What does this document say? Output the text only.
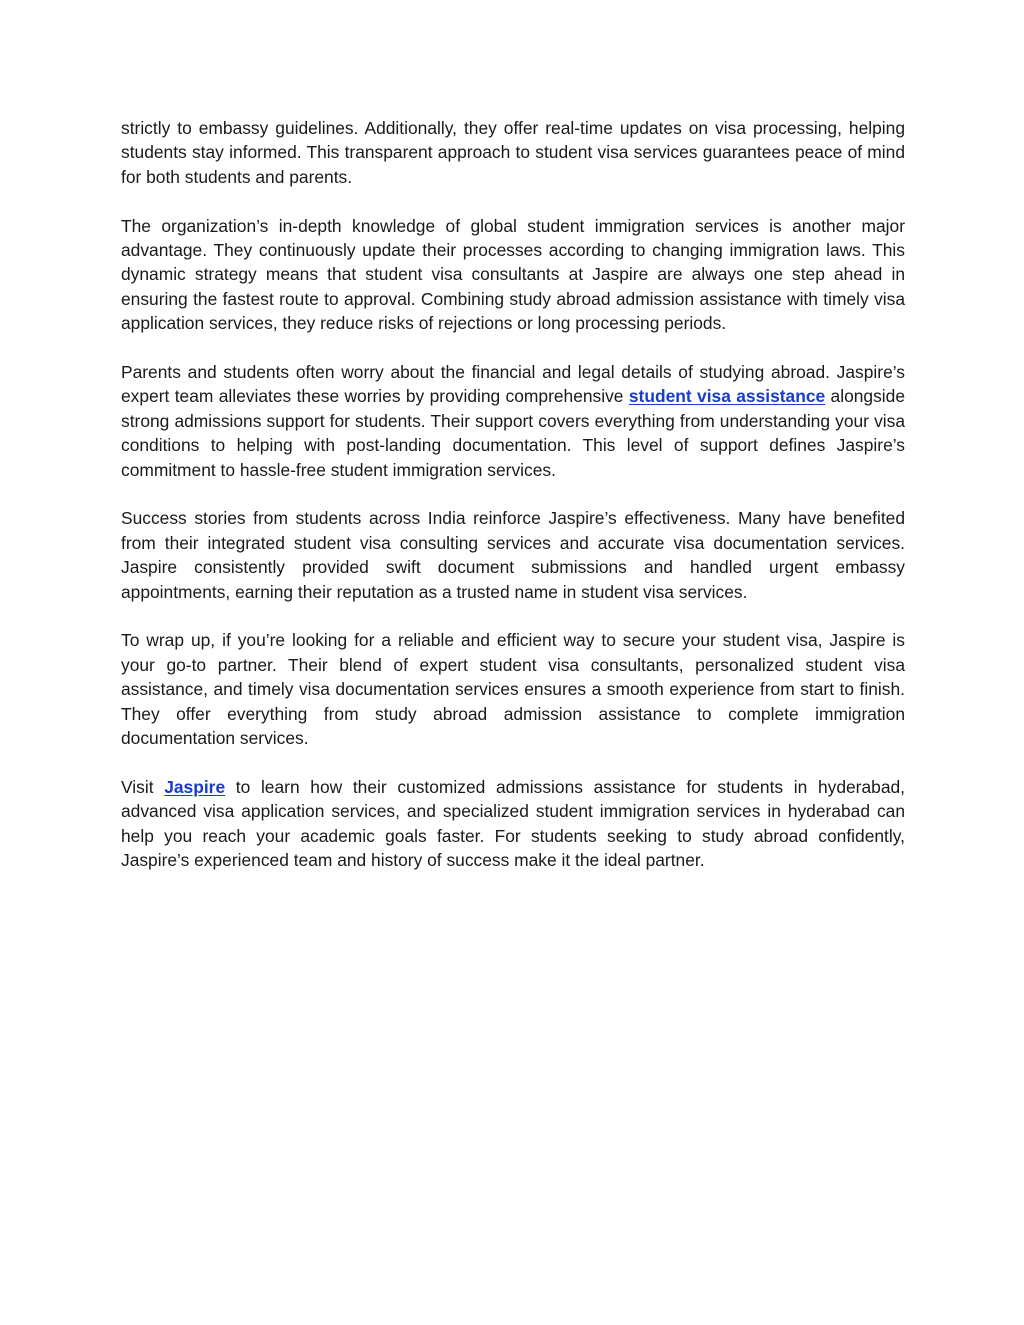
strictly to embassy guidelines. Additionally, they offer real-time updates on visa processing, helping students stay informed. This transparent approach to student visa services guarantees peace of mind for both students and parents.

The organization’s in-depth knowledge of global student immigration services is another major advantage. They continuously update their processes according to changing immigration laws. This dynamic strategy means that student visa consultants at Jaspire are always one step ahead in ensuring the fastest route to approval. Combining study abroad admission assistance with timely visa application services, they reduce risks of rejections or long processing periods.

Parents and students often worry about the financial and legal details of studying abroad. Jaspire’s expert team alleviates these worries by providing comprehensive student visa assistance alongside strong admissions support for students. Their support covers everything from understanding your visa conditions to helping with post-landing documentation. This level of support defines Jaspire’s commitment to hassle-free student immigration services.

Success stories from students across India reinforce Jaspire’s effectiveness. Many have benefited from their integrated student visa consulting services and accurate visa documentation services. Jaspire consistently provided swift document submissions and handled urgent embassy appointments, earning their reputation as a trusted name in student visa services.

To wrap up, if you’re looking for a reliable and efficient way to secure your student visa, Jaspire is your go-to partner. Their blend of expert student visa consultants, personalized student visa assistance, and timely visa documentation services ensures a smooth experience from start to finish. They offer everything from study abroad admission assistance to complete immigration documentation services.

Visit Jaspire to learn how their customized admissions assistance for students in hyderabad, advanced visa application services, and specialized student immigration services in hyderabad can help you reach your academic goals faster. For students seeking to study abroad confidently, Jaspire’s experienced team and history of success make it the ideal partner.
